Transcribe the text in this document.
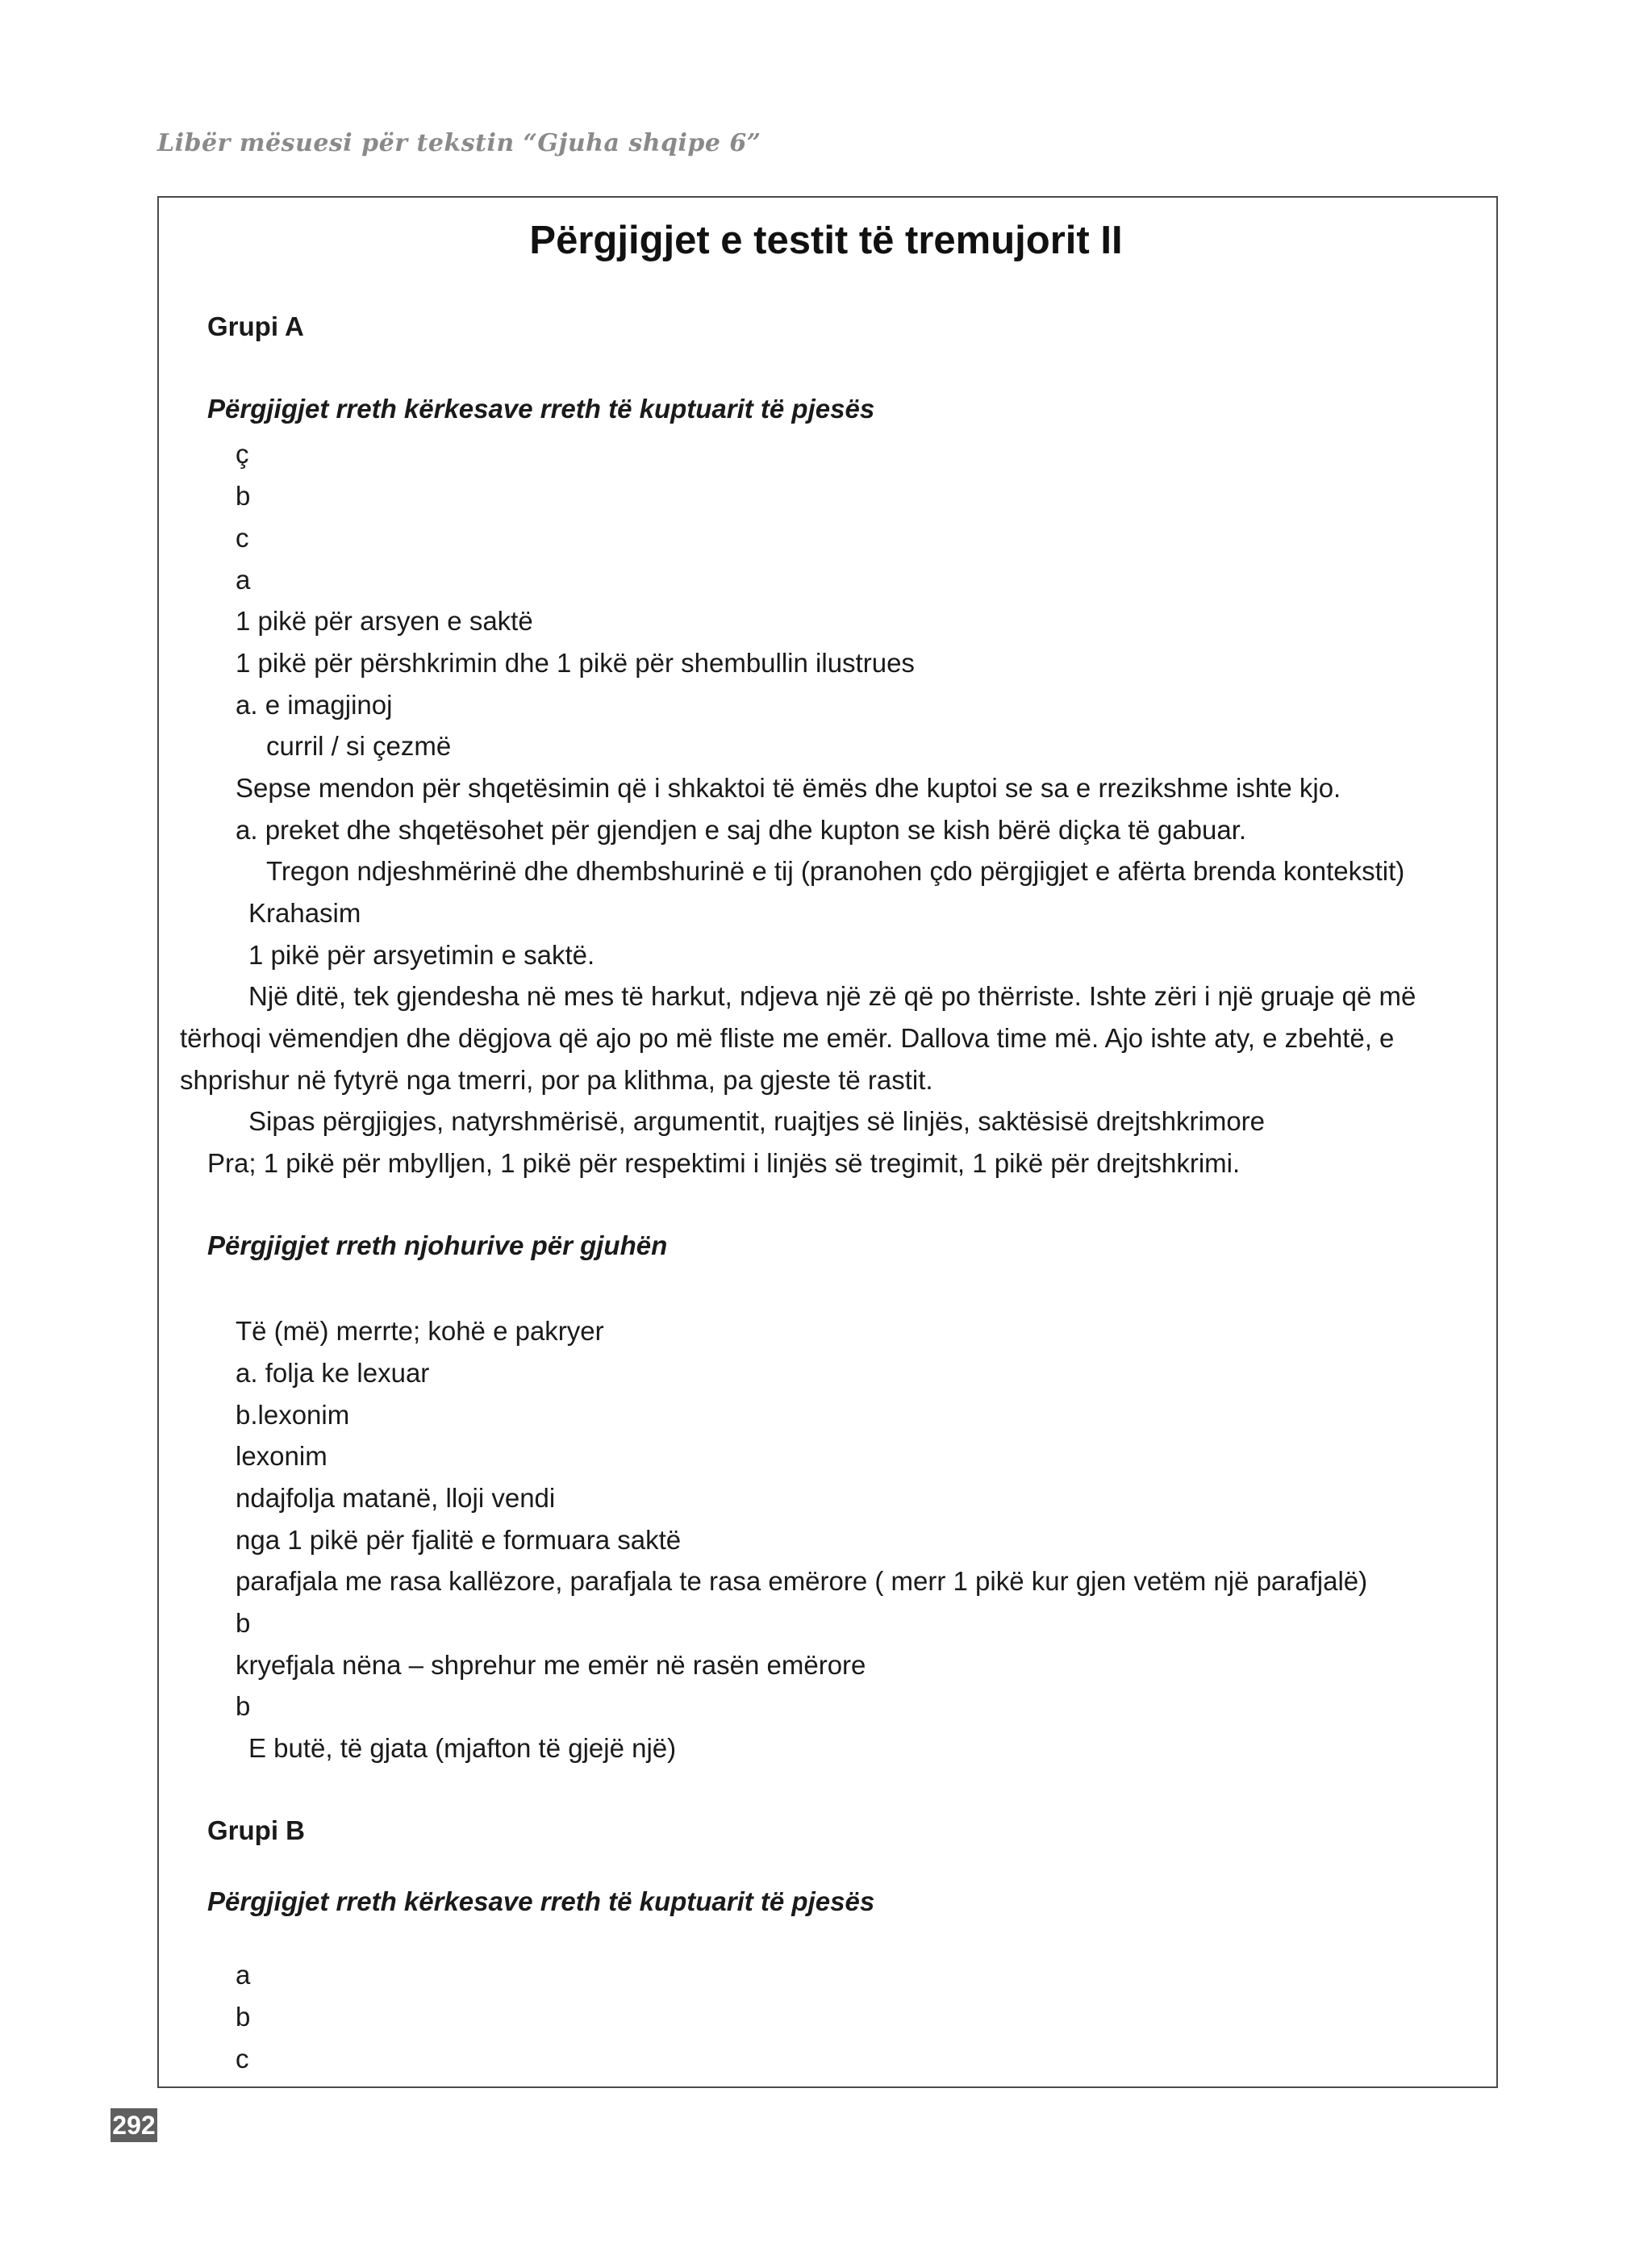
Libër mësuesi për tekstin “Gjuha shqipe 6”
Përgjigjet e testit të tremujorit II
Grupi A
Përgjigjet rreth kërkesave rreth të kuptuarit të pjesës
ç
b
c
a
1 pikë për arsyen e saktë
1 pikë për përshkrimin dhe 1 pikë për shembullin ilustrues
a. e imagjinoj
curril / si çezmë
Sepse mendon për shqetësimin që i shkaktoi të ëmës dhe kuptoi se sa e rrezikshme ishte kjo.
a. preket dhe shqetësohet për gjendjen e saj dhe kupton se kish bërë diçka të gabuar.
Tregon ndjeshmërinë dhe dhembshurinë e tij (pranohen çdo përgjigjet e afërta brenda kontekstit)
Krahasim
1 pikë për arsyetimin e saktë.
Një ditë, tek gjendesha në mes të harkut, ndjeva një zë që po thërriste. Ishte zëri i një gruaje që më
tërhoqi vëmendjen dhe dëgjova që ajo po më fliste me emër. Dallova time më. Ajo ishte aty, e zbehtë, e
shprishur në fytyrë nga tmerri, por pa klithma, pa gjeste të rastit.
Sipas përgjigjes, natyrshmërisë, argumentit, ruajtjes së linjës, saktësisë drejtshkrimore
Pra; 1 pikë për mbylljen, 1 pikë për respektimi i linjës së tregimit, 1 pikë për drejtshkrimi.
Përgjigjet rreth njohurive për gjuhën
Të (më) merrte; kohë e pakryer
a. folja ke lexuar
b.lexonim
lexonim
ndajfolja matanë, lloji vendi
nga 1 pikë për fjalitë e formuara saktë
parafjala me rasa kallëzore, parafjala te rasa emërore ( merr 1 pikë kur gjen vetëm një parafjalë)
b
kryefjala nëna – shprehur me emër në rasën emërore
b
E butë, të gjata (mjafton të gjejë një)
Grupi B
Përgjigjet rreth kërkesave rreth të kuptuarit të pjesës
a
b
c
292
